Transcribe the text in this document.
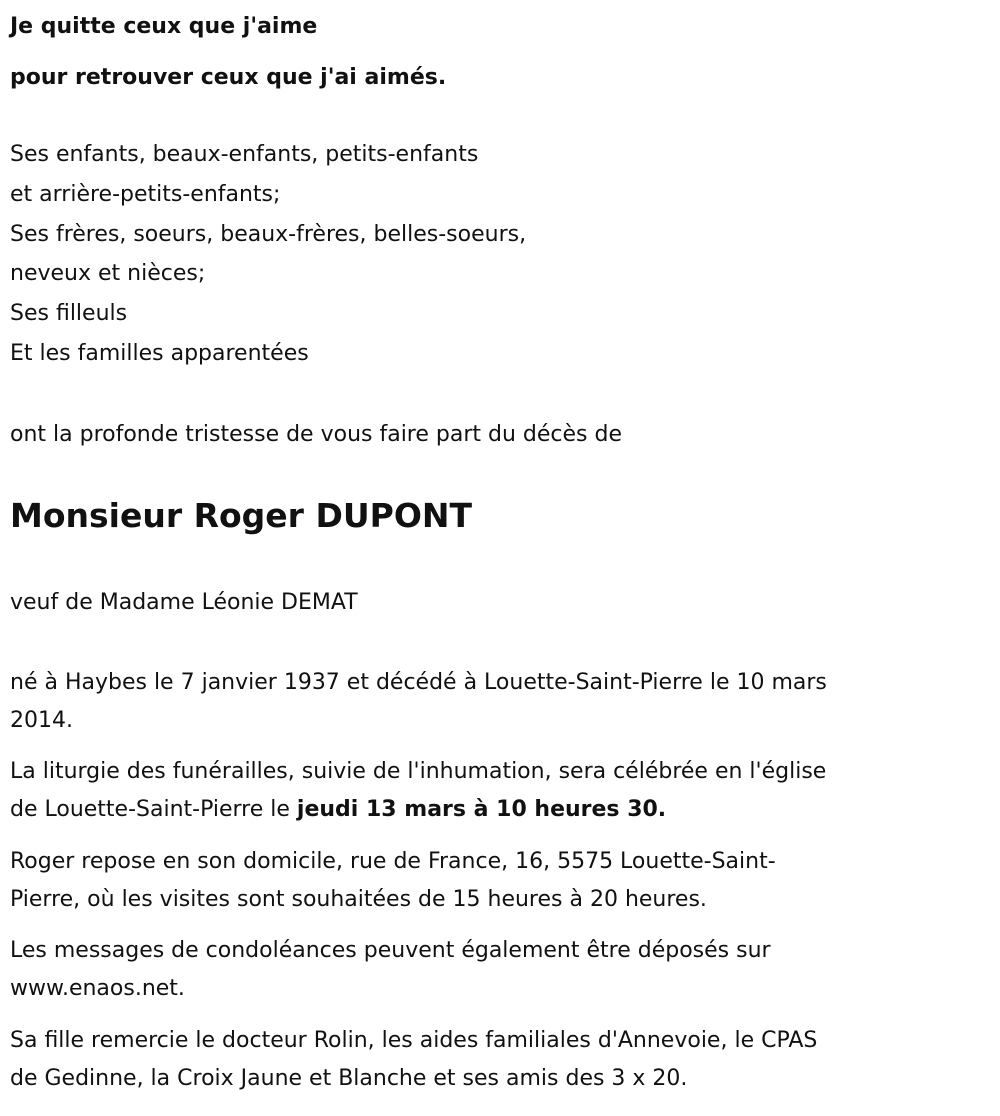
Je quitte ceux que j'aime
pour retrouver ceux que j'ai aimés.
Ses enfants, beaux-enfants, petits-enfants
et arrière-petits-enfants;
Ses frères, soeurs, beaux-frères, belles-soeurs,
neveux et nièces;
Ses filleuls
Et les familles apparentées
ont la profonde tristesse de vous faire part du décès de
Monsieur Roger DUPONT
veuf de Madame Léonie DEMAT
né à Haybes le 7 janvier 1937 et décédé à Louette-Saint-Pierre le 10 mars
2014.
La liturgie des funérailles, suivie de l'inhumation, sera célébrée en l'église
de Louette-Saint-Pierre le jeudi 13 mars à 10 heures 30.
Roger repose en son domicile, rue de France, 16, 5575 Louette-Saint-
Pierre, où les visites sont souhaitées de 15 heures à 20 heures.
Les messages de condoléances peuvent également être déposés sur
www.enaos.net.
Sa fille remercie le docteur Rolin, les aides familiales d'Annevoie, le CPAS
de Gedinne, la Croix Jaune et Blanche et ses amis des 3 x 20.
